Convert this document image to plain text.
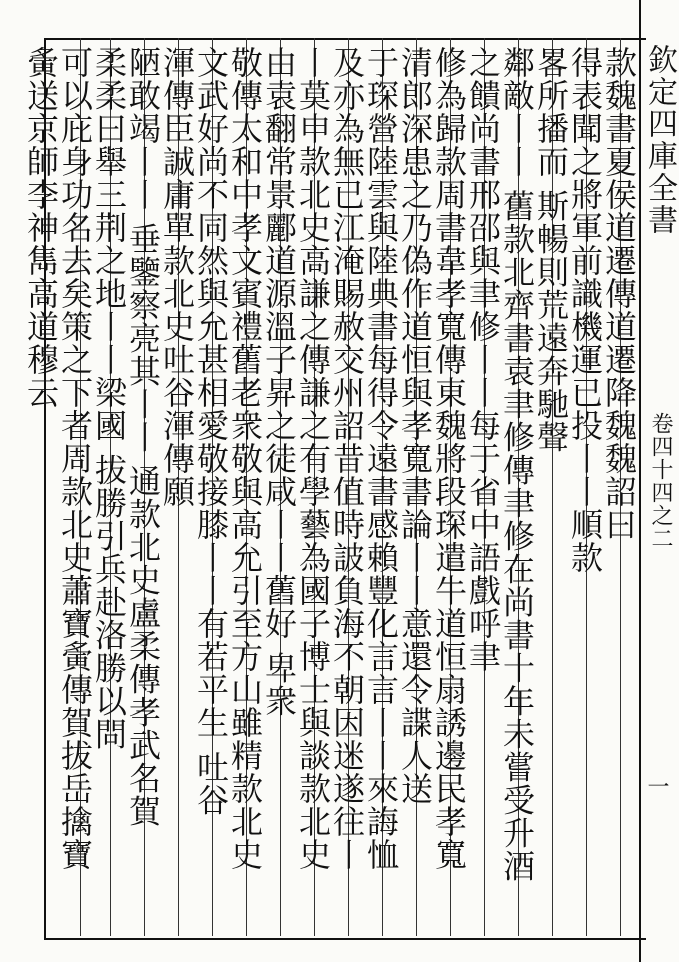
款魏書夏侯道遷傳道遷降魏魏詔曰
得表聞之將軍前識機運已投丨丨順款
畧所播而 斯暢則荒遠奔馳聲
鄰敵丨丨 舊款北齊書袁聿修傳聿修在尚書十年未嘗受升酒
之饋尚書邢邵與聿修丨丨每于省中語戲呼聿
修為歸款周書韋孝寬傳東魏將段琛遣牛道恒扇誘邊民孝寬
清郎深患之乃偽作道恒與孝寬書論丨丨意還令諜人送
于琛營陸雲與陸典書每得令遠書感賴豐化言言丨丨來誨恤
及亦為無已江淹賜赦交州詔昔值時詖負海不朝因迷遂往丨
丨莫申款北史高謙之傳謙之有學藝為國子博士與談款北史
由袁翻常景酈道源溫子昇之徒咸丨丨舊好 卑衆
敬傳太和中孝文賓禮舊老衆敬與高允引至方山雖精款北史
文武好尚不同然與允甚相愛敬接膝丨丨有若平生 吐谷
渾傳臣誠庸單款北史吐谷渾傳願
陋敢竭丨丨 垂鑒察亮其丨丨 通款北史盧柔傳孝武名賀
柔柔曰舉三荆之地丨丨梁國 拔勝引兵赴洛勝以問
可以庇身功名去矣策之下者周款北史蕭寶夤傳賀拔岳擒寶
夤送京師李神雋高道穆云	欽定四庫全書
卷四十四之二
一
